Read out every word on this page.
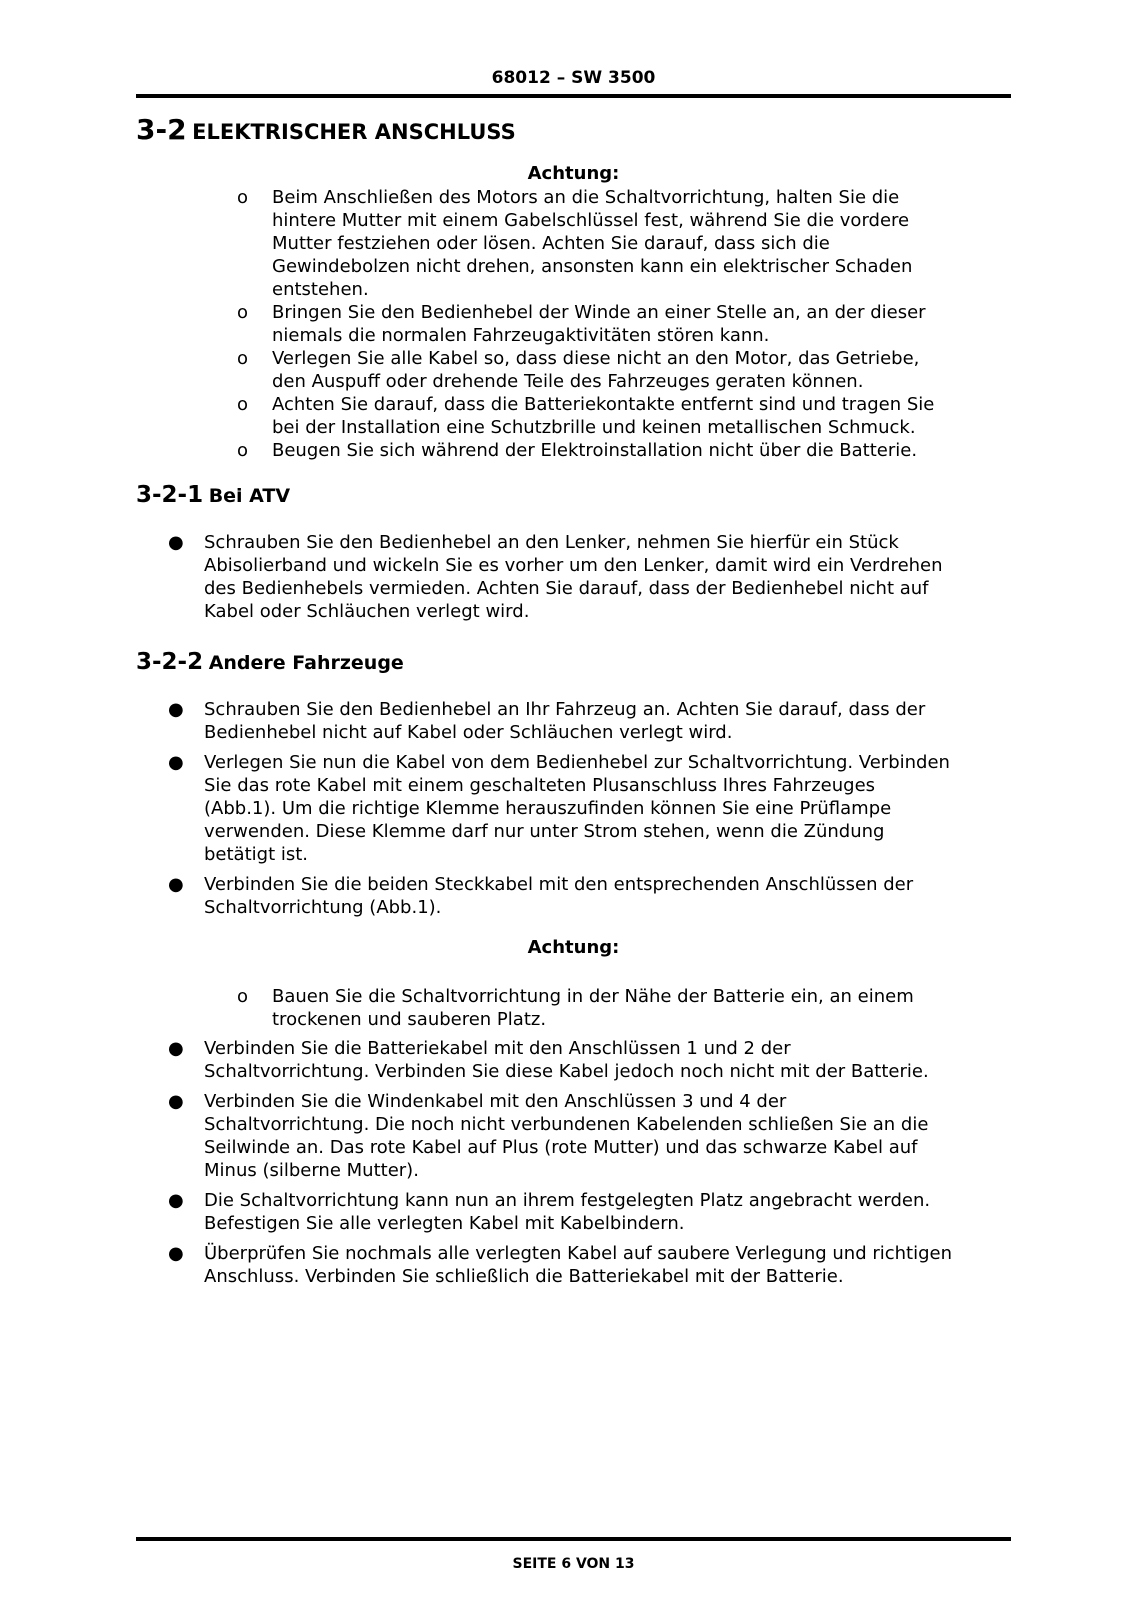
68012 – SW 3500
3-2 ELEKTRISCHER ANSCHLUSS
Achtung:
o Beim Anschließen des Motors an die Schaltvorrichtung, halten Sie die
hintere Mutter mit einem Gabelschlüssel fest, während Sie die vordere
Mutter festziehen oder lösen. Achten Sie darauf, dass sich die
Gewindebolzen nicht drehen, ansonsten kann ein elektrischer Schaden
entstehen.
o Bringen Sie den Bedienhebel der Winde an einer Stelle an, an der dieser
niemals die normalen Fahrzeugaktivitäten stören kann.
o Verlegen Sie alle Kabel so, dass diese nicht an den Motor, das Getriebe,
den Auspuff oder drehende Teile des Fahrzeuges geraten können.
o Achten Sie darauf, dass die Batteriekontakte entfernt sind und tragen Sie
bei der Installation eine Schutzbrille und keinen metallischen Schmuck.
o Beugen Sie sich während der Elektroinstallation nicht über die Batterie.
3-2-1 Bei ATV
● Schrauben Sie den Bedienhebel an den Lenker, nehmen Sie hierfür ein Stück
Abisolierband und wickeln Sie es vorher um den Lenker, damit wird ein Verdrehen
des Bedienhebels vermieden. Achten Sie darauf, dass der Bedienhebel nicht auf
Kabel oder Schläuchen verlegt wird.
3-2-2 Andere Fahrzeuge
● Schrauben Sie den Bedienhebel an Ihr Fahrzeug an. Achten Sie darauf, dass der
Bedienhebel nicht auf Kabel oder Schläuchen verlegt wird.
● Verlegen Sie nun die Kabel von dem Bedienhebel zur Schaltvorrichtung. Verbinden
Sie das rote Kabel mit einem geschalteten Plusanschluss Ihres Fahrzeuges
(Abb.1). Um die richtige Klemme herauszufinden können Sie eine Prüflampe
verwenden. Diese Klemme darf nur unter Strom stehen, wenn die Zündung
betätigt ist.
● Verbinden Sie die beiden Steckkabel mit den entsprechenden Anschlüssen der
Schaltvorrichtung (Abb.1).
Achtung:
o Bauen Sie die Schaltvorrichtung in der Nähe der Batterie ein, an einem
trockenen und sauberen Platz.
● Verbinden Sie die Batteriekabel mit den Anschlüssen 1 und 2 der
Schaltvorrichtung. Verbinden Sie diese Kabel jedoch noch nicht mit der Batterie.
● Verbinden Sie die Windenkabel mit den Anschlüssen 3 und 4 der
Schaltvorrichtung. Die noch nicht verbundenen Kabelenden schließen Sie an die
Seilwinde an. Das rote Kabel auf Plus (rote Mutter) und das schwarze Kabel auf
Minus (silberne Mutter).
● Die Schaltvorrichtung kann nun an ihrem festgelegten Platz angebracht werden.
Befestigen Sie alle verlegten Kabel mit Kabelbindern.
● Überprüfen Sie nochmals alle verlegten Kabel auf saubere Verlegung und richtigen
Anschluss. Verbinden Sie schließlich die Batteriekabel mit der Batterie.
SEITE 6 VON 13
